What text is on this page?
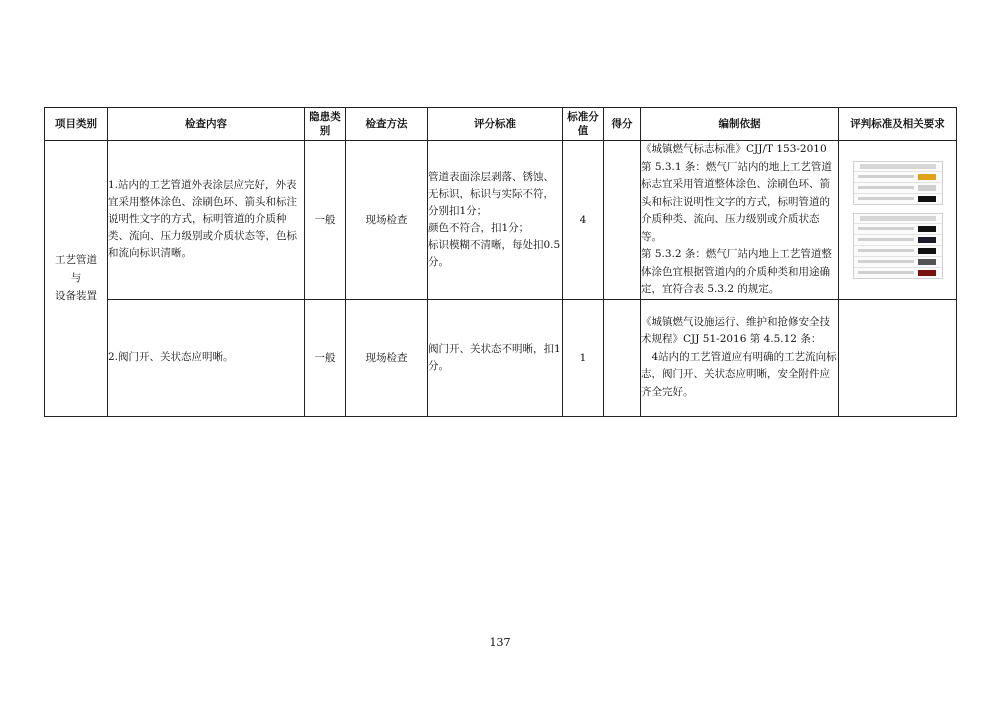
项目类别	检查内容	隐患类别	检查方法	评分标准	标准分值	得分	编制依据	评判标准及相关要求

工艺管道
与
设备装置	1.站内的工艺管道外表涂层应完好，外表宜采用整体涂色、涂刷色环、箭头和标注说明性文字的方式，标明管道的介质种类、流向、压力级别或介质状态等，色标和流向标识清晰。	一般	现场检查	管道表面涂层剥落、锈蚀、无标识，标识与实际不符，分别扣1分；
颜色不符合，扣1分；
标识模糊不清晰，每处扣0.5分。	4		《城镇燃气标志标准》CJJ/T 153-2010
第 5.3.1 条：燃气厂站内的地上工艺管道标志宜采用管道整体涂色、涂刷色环、箭头和标注说明性文字的方式，标明管道的介质种类、流向、压力级别或介质状态等。
第 5.3.2 条：燃气厂站内地上工艺管道整体涂色宜根据管道内的介质种类和用途确定，宜符合表 5.3.2 的规定。	

	2.阀门开、关状态应明晰。	一般	现场检查	阀门开、关状态不明晰，扣1分。	1		《城镇燃气设施运行、维护和抢修安全技术规程》CJJ 51-2016 第 4.5.12 条：
4站内的工艺管道应有明确的工艺流向标志，阀门开、关状态应明晰，安全附件应齐全完好。	

137
